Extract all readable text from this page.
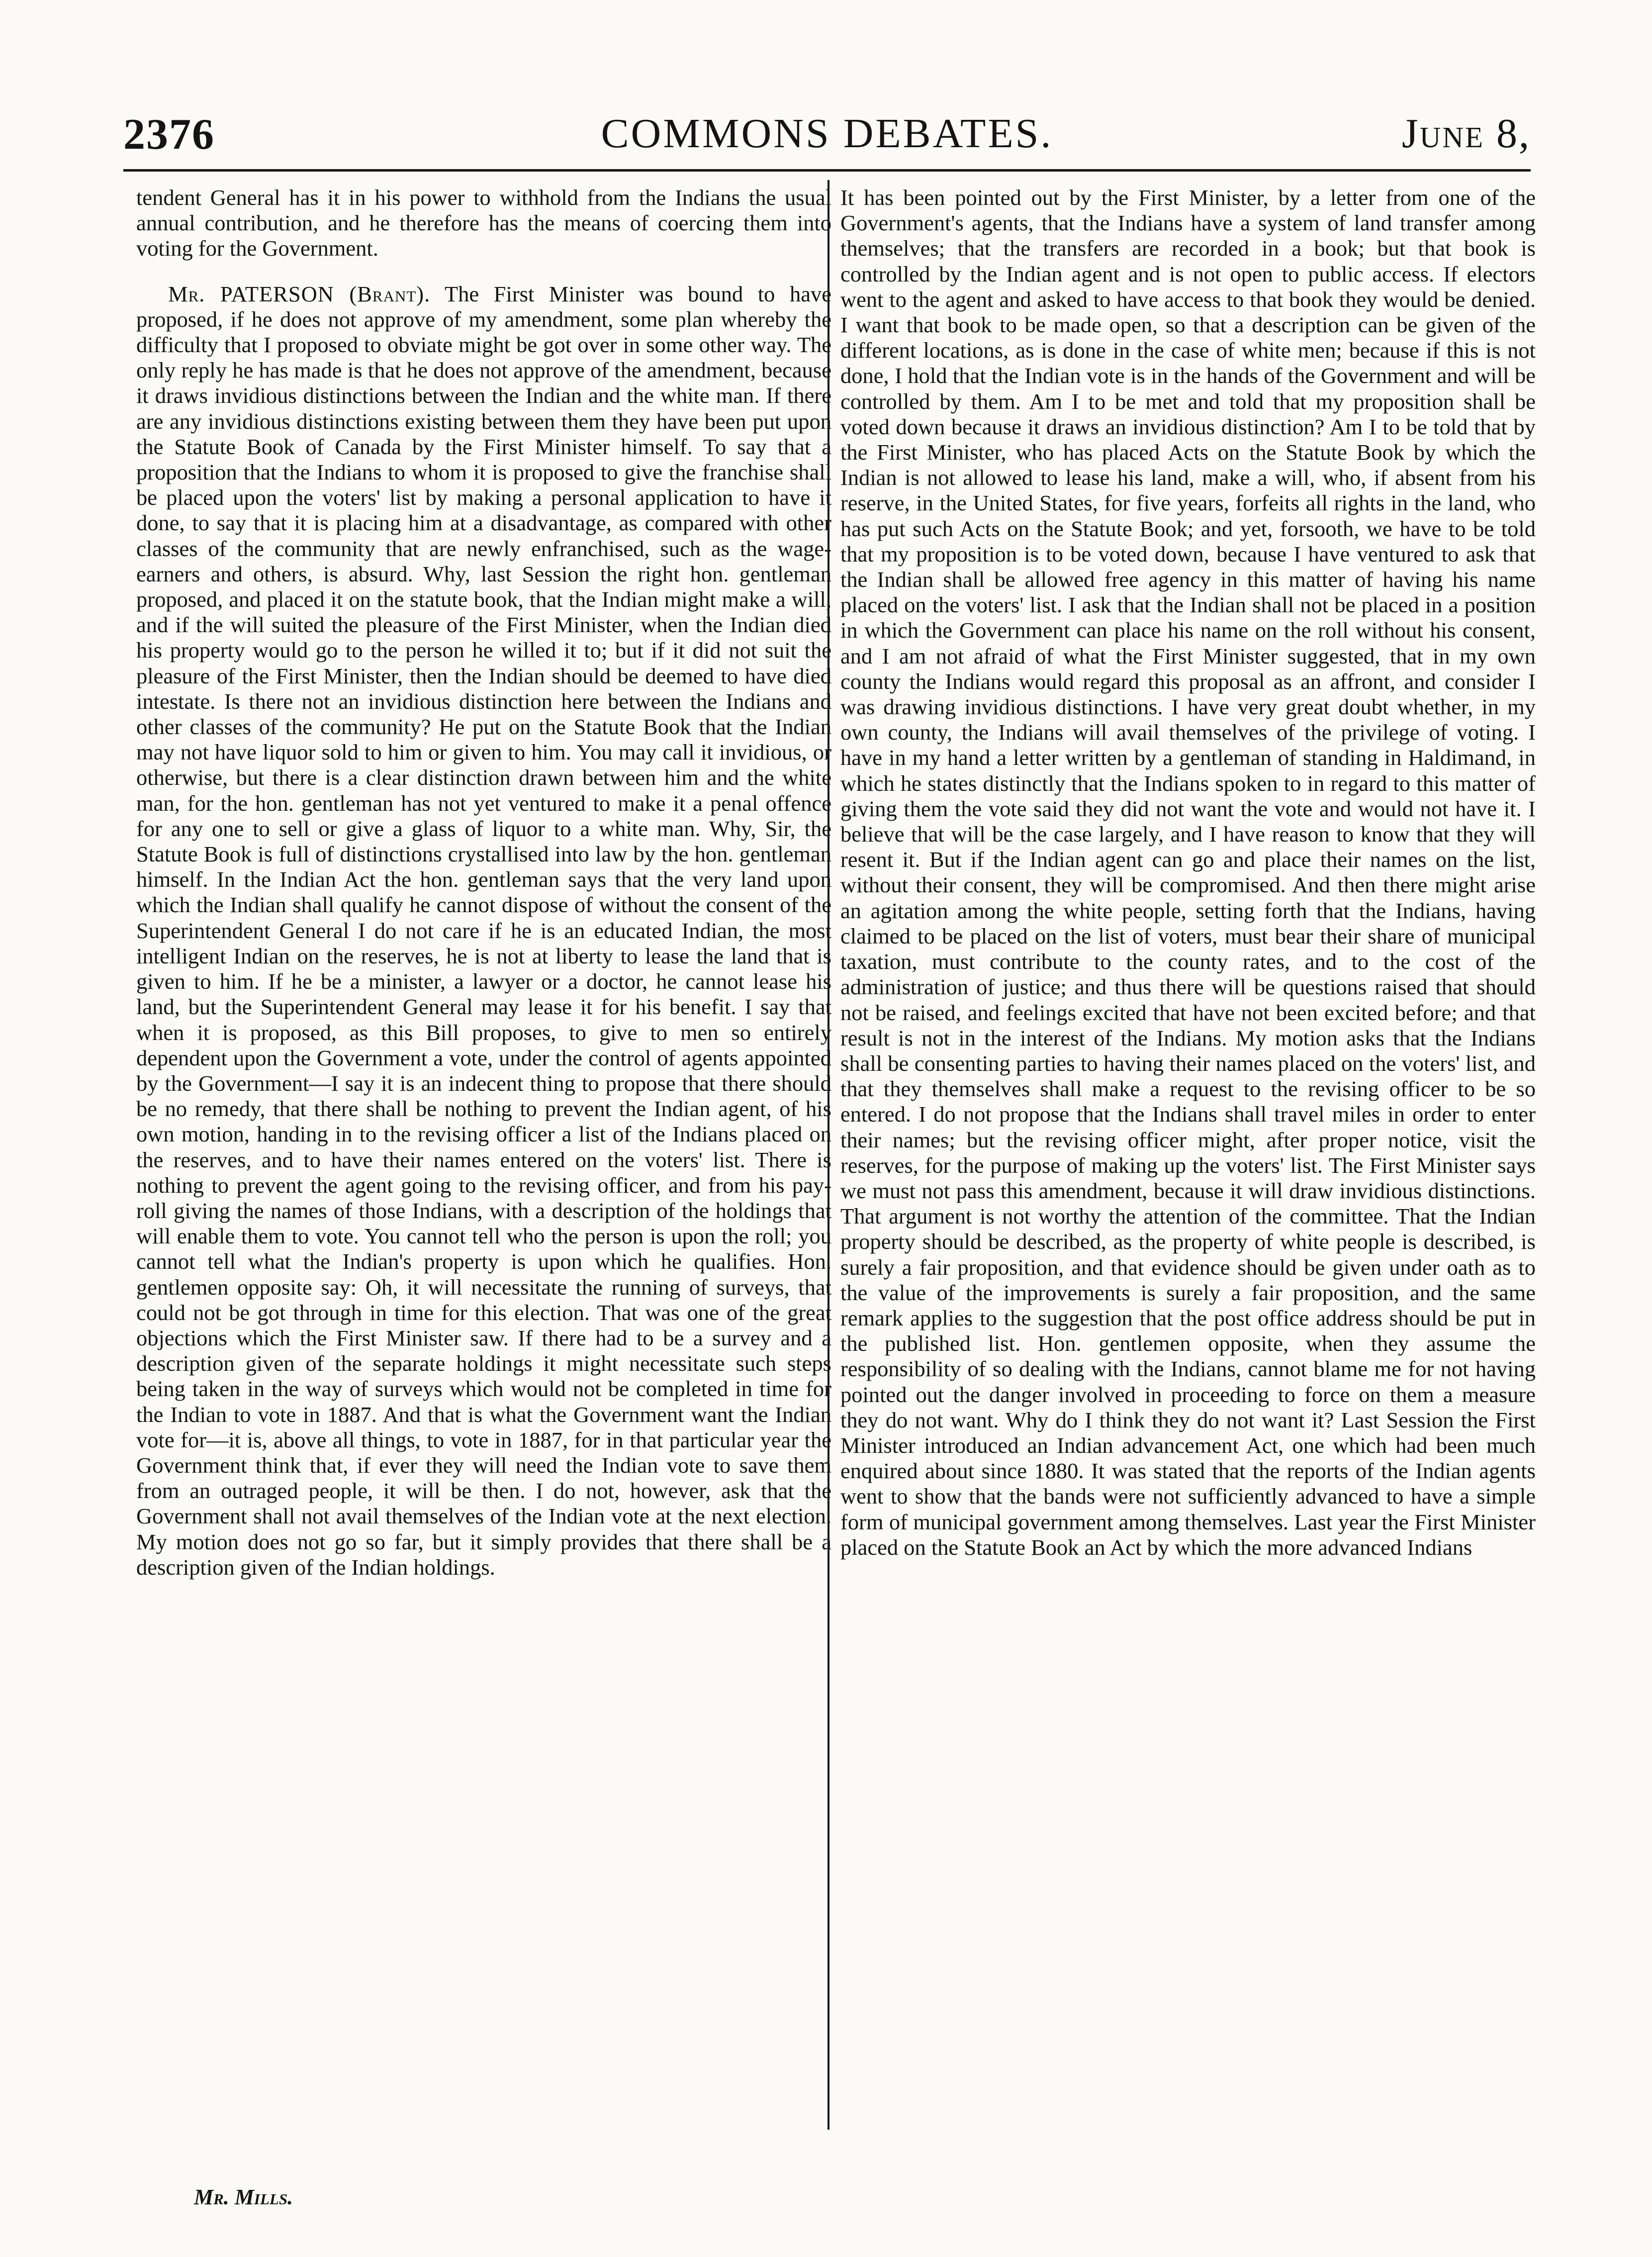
2376	COMMONS DEBATES.	June 8,

tendent General has it in his power to withhold from the Indians the usual annual contribution, and he therefore has the means of coercing them into voting for the Government.

Mr. PATERSON (Brant). The First Minister was bound to have proposed, if he does not approve of my amendment, some plan whereby the difficulty that I proposed to obviate might be got over in some other way. The only reply he has made is that he does not approve of the amendment, because it draws invidious distinctions between the Indian and the white man. If there are any invidious distinctions existing between them they have been put upon the Statute Book of Canada by the First Minister himself. To say that a proposition that the Indians to whom it is proposed to give the franchise shall be placed upon the voters' list by making a personal application to have it done, to say that it is placing him at a disadvantage, as compared with other classes of the community that are newly enfranchised, such as the wage-earners and others, is absurd. Why, last Session the right hon. gentleman proposed, and placed it on the statute book, that the Indian might make a will, and if the will suited the pleasure of the First Minister, when the Indian died his property would go to the person he willed it to; but if it did not suit the pleasure of the First Minister, then the Indian should be deemed to have died intestate. Is there not an invidious distinction here between the Indians and other classes of the community? He put on the Statute Book that the Indian may not have liquor sold to him or given to him. You may call it invidious, or otherwise, but there is a clear distinction drawn between him and the white man, for the hon. gentleman has not yet ventured to make it a penal offence for any one to sell or give a glass of liquor to a white man. Why, Sir, the Statute Book is full of distinctions crystallised into law by the hon. gentleman himself. In the Indian Act the hon. gentleman says that the very land upon which the Indian shall qualify he cannot dispose of without the consent of the Superintendent General I do not care if he is an educated Indian, the most intelligent Indian on the reserves, he is not at liberty to lease the land that is given to him. If he be a minister, a lawyer or a doctor, he cannot lease his land, but the Superintendent General may lease it for his benefit. I say that when it is proposed, as this Bill proposes, to give to men so entirely dependent upon the Government a vote, under the control of agents appointed by the Government—I say it is an indecent thing to propose that there should be no remedy, that there shall be nothing to prevent the Indian agent, of his own motion, handing in to the revising officer a list of the Indians placed on the reserves, and to have their names entered on the voters' list. There is nothing to prevent the agent going to the revising officer, and from his pay-roll giving the names of those Indians, with a description of the holdings that will enable them to vote. You cannot tell who the person is upon the roll; you cannot tell what the Indian's property is upon which he qualifies. Hon. gentlemen opposite say: Oh, it will necessitate the running of surveys, that could not be got through in time for this election. That was one of the great objections which the First Minister saw. If there had to be a survey and a description given of the separate holdings it might necessitate such steps being taken in the way of surveys which would not be completed in time for the Indian to vote in 1887. And that is what the Government want the Indian vote for—it is, above all things, to vote in 1887, for in that particular year the Government think that, if ever they will need the Indian vote to save them from an outraged people, it will be then. I do not, however, ask that the Government shall not avail themselves of the Indian vote at the next election. My motion does not go so far, but it simply provides that there shall be a description given of the Indian holdings.

It has been pointed out by the First Minister, by a letter from one of the Government's agents, that the Indians have a system of land transfer among themselves; that the transfers are recorded in a book; but that book is controlled by the Indian agent and is not open to public access. If electors went to the agent and asked to have access to that book they would be denied. I want that book to be made open, so that a description can be given of the different locations, as is done in the case of white men; because if this is not done, I hold that the Indian vote is in the hands of the Government and will be controlled by them. Am I to be met and told that my proposition shall be voted down because it draws an invidious distinction? Am I to be told that by the First Minister, who has placed Acts on the Statute Book by which the Indian is not allowed to lease his land, make a will, who, if absent from his reserve, in the United States, for five years, forfeits all rights in the land, who has put such Acts on the Statute Book; and yet, forsooth, we have to be told that my proposition is to be voted down, because I have ventured to ask that the Indian shall be allowed free agency in this matter of having his name placed on the voters' list. I ask that the Indian shall not be placed in a position in which the Government can place his name on the roll without his consent, and I am not afraid of what the First Minister suggested, that in my own county the Indians would regard this proposal as an affront, and consider I was drawing invidious distinctions. I have very great doubt whether, in my own county, the Indians will avail themselves of the privilege of voting. I have in my hand a letter written by a gentleman of standing in Haldimand, in which he states distinctly that the Indians spoken to in regard to this matter of giving them the vote said they did not want the vote and would not have it. I believe that will be the case largely, and I have reason to know that they will resent it. But if the Indian agent can go and place their names on the list, without their consent, they will be compromised. And then there might arise an agitation among the white people, setting forth that the Indians, having claimed to be placed on the list of voters, must bear their share of municipal taxation, must contribute to the county rates, and to the cost of the administration of justice; and thus there will be questions raised that should not be raised, and feelings excited that have not been excited before; and that result is not in the interest of the Indians. My motion asks that the Indians shall be consenting parties to having their names placed on the voters' list, and that they themselves shall make a request to the revising officer to be so entered. I do not propose that the Indians shall travel miles in order to enter their names; but the revising officer might, after proper notice, visit the reserves, for the purpose of making up the voters' list. The First Minister says we must not pass this amendment, because it will draw invidious distinctions. That argument is not worthy the attention of the committee. That the Indian property should be described, as the property of white people is described, is surely a fair proposition, and that evidence should be given under oath as to the value of the improvements is surely a fair proposition, and the same remark applies to the suggestion that the post office address should be put in the published list. Hon. gentlemen opposite, when they assume the responsibility of so dealing with the Indians, cannot blame me for not having pointed out the danger involved in proceeding to force on them a measure they do not want. Why do I think they do not want it? Last Session the First Minister introduced an Indian advancement Act, one which had been much enquired about since 1880. It was stated that the reports of the Indian agents went to show that the bands were not sufficiently advanced to have a simple form of municipal government among themselves. Last year the First Minister placed on the Statute Book an Act by which the more advanced Indians

Mr. Mills.
